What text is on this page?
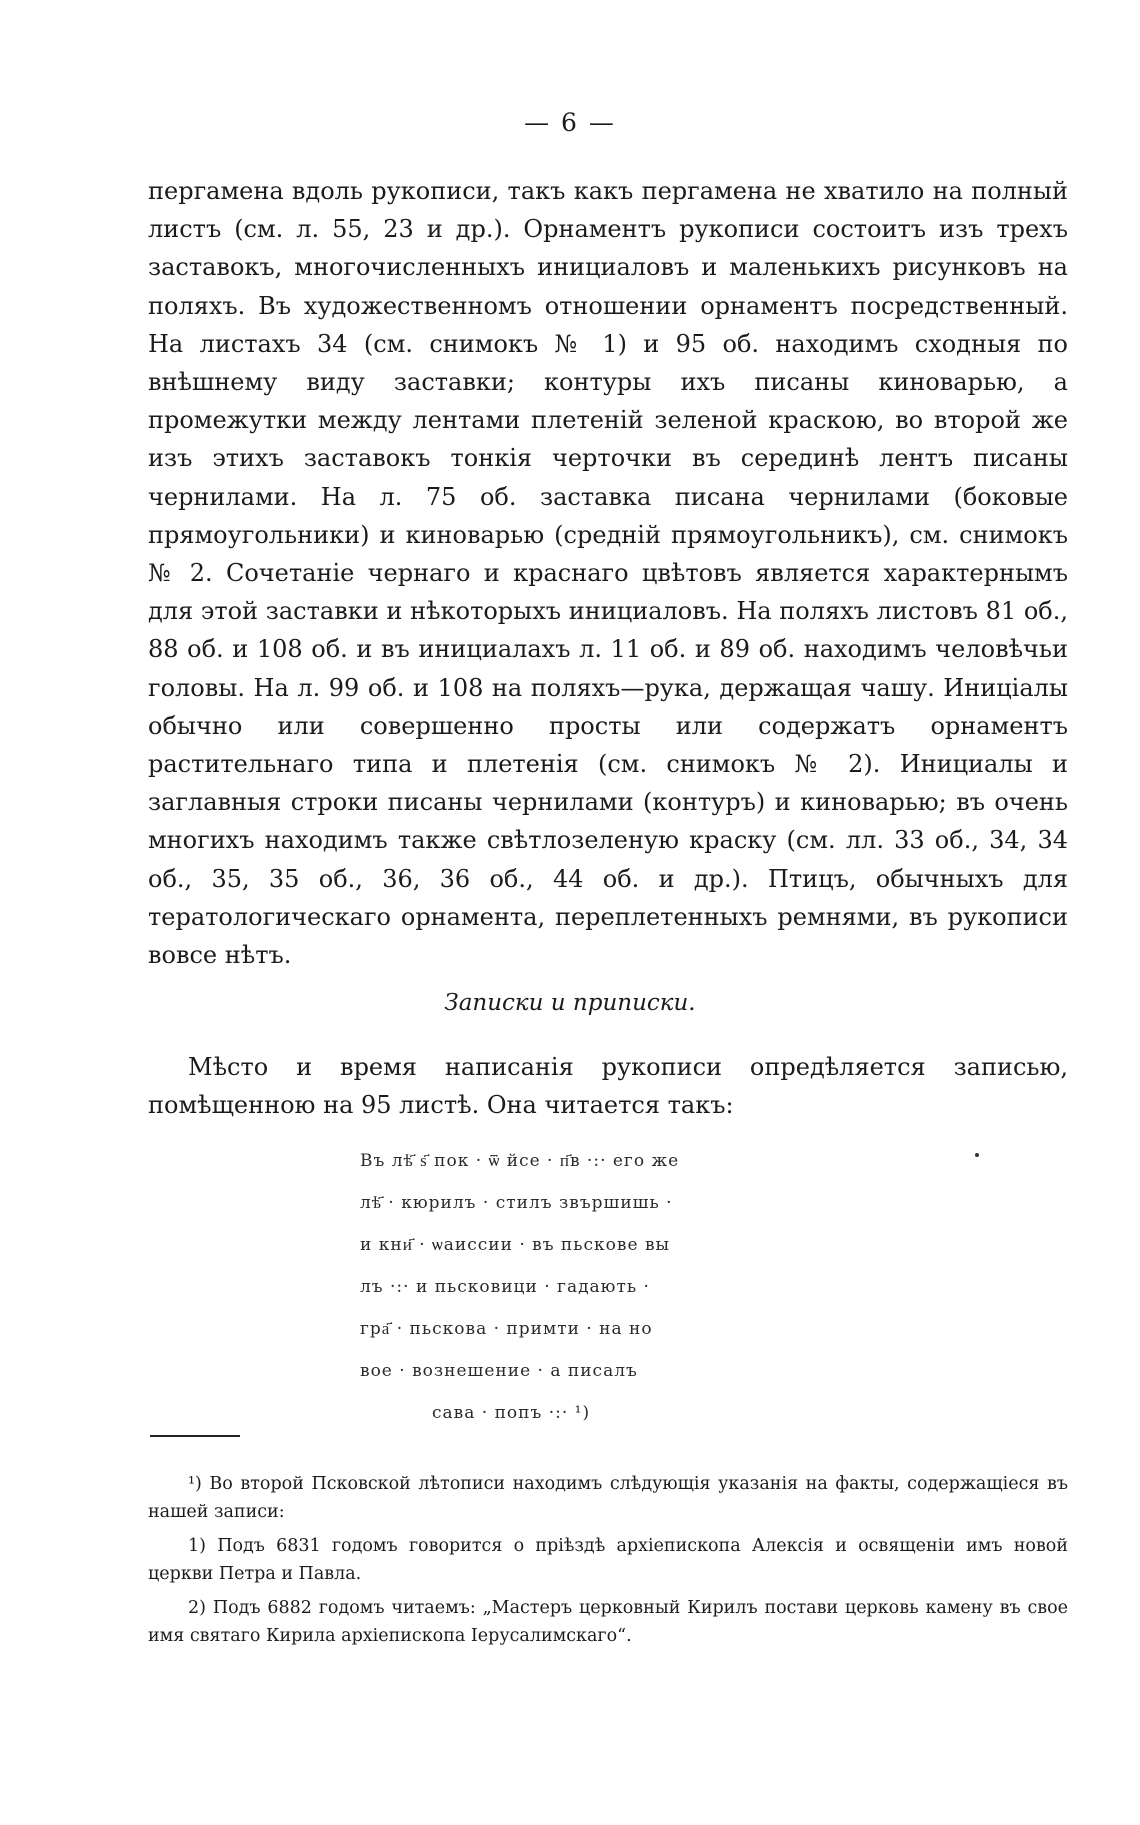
— 6 —

пергамена вдоль рукописи, такъ какъ пергамена не хватило на полный листъ (см. л. 55, 23 и др.). Орнаментъ рукописи состоитъ изъ трехъ заставокъ, многочисленныхъ инициаловъ и маленькихъ рисунковъ на поляхъ. Въ художественномъ отношении орнаментъ посредственный. На листахъ 34 (см. снимокъ № 1) и 95 об. находимъ сходныя по внѣшнему виду заставки; контуры ихъ писаны киноварью, а промежутки между лентами плетеній зеленой краскою, во второй же изъ этихъ заставокъ тонкія черточки въ серединѣ лентъ писаны чернилами. На л. 75 об. заставка писана чернилами (боковые прямоугольники) и киноварью (средній прямоугольникъ), см. снимокъ № 2. Сочетаніе чернаго и краснаго цвѣтовъ является характернымъ для этой заставки и нѣкоторыхъ инициаловъ. На поляхъ листовъ 81 об., 88 об. и 108 об. и въ инициалахъ л. 11 об. и 89 об. находимъ человѣчьи головы. На л. 99 об. и 108 на поляхъ—рука, держащая чашу. Иниціалы обычно или совершенно просты или содержатъ орнаментъ растительнаго типа и плетенія (см. снимокъ № 2). Инициалы и заглавныя строки писаны чернилами (контуръ) и киноварью; въ очень многихъ находимъ также свѣтлозеленую краску (см. лл. 33 об., 34, 34 об., 35, 35 об., 36, 36 об., 44 об. и др.). Птицъ, обычныхъ для тератологическаго орнамента, переплетенныхъ ремнями, въ рукописи вовсе нѣтъ.

Записки и приписки.

Мѣсто и время написанія рукописи опредѣляется записью, помѣщенною на 95 листѣ. Она читается такъ:

Въ лѣ҃ ѕ҃ пок · ѿ йсе · п҃в ·:· его же
лѣ҃ · кюрилъ · стилъ звършишь ·
и кни҃ · ѡаиссии · въ пьскове вы
лъ ·:· и пьсковици · гадають ·
гра҃ · пьскова · примти · на но
вое · вознешение · а писалъ
сава · попъ ·:· ¹)

¹) Во второй Псковской лѣтописи находимъ слѣдующія указанія на факты, содержащіеся въ нашей записи:

1) Подъ 6831 годомъ говорится о пріѣздѣ архіепископа Алексія и освященіи имъ новой церкви Петра и Павла.

2) Подъ 6882 годомъ читаемъ: „Мастеръ церковный Кирилъ постави церковь камену въ свое имя святаго Кирила архіепископа Іерусалимскаго“.
